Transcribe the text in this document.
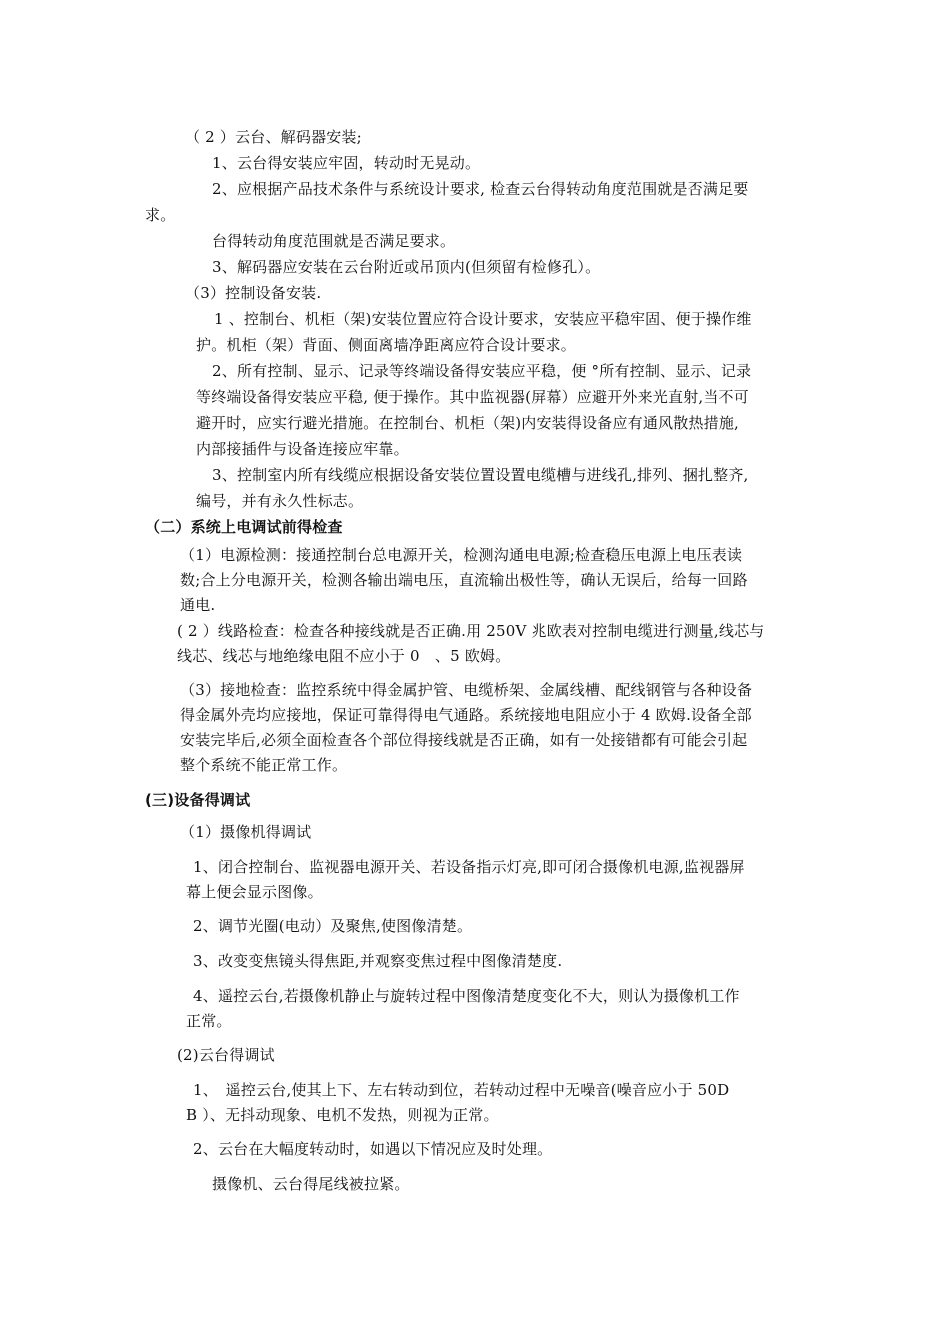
（ 2 ）云台、解码器安装;
1、云台得安装应牢固，转动时无晃动。
2、应根据产品技术条件与系统设计要求, 检查云台得转动角度范围就是否满足要
求。
台得转动角度范围就是否满足要求。
3、解码器应安装在云台附近或吊顶内(但须留有检修孔）。
（3）控制设备安装.
1 、控制台、机柜（架)安装位置应符合设计要求，安装应平稳牢固、便于操作维
护。机柜（架）背面、侧面离墙净距离应符合设计要求。
2、所有控制、显示、记录等终端设备得安装应平稳，便 °所有控制、显示、记录
等终端设备得安装应平稳, 便于操作。其中监视器(屏幕）应避开外来光直射,当不可
避开时，应实行避光措施。在控制台、机柜（架)内安装得设备应有通风散热措施,
内部接插件与设备连接应牢靠。
3、控制室内所有线缆应根据设备安装位置设置电缆槽与进线孔,排列、捆扎整齐,
编号，并有永久性标志。
（二）系统上电调试前得检查
（1）电源检测：接通控制台总电源开关，检测沟通电电源;检查稳压电源上电压表读
数;合上分电源开关，检测各输出端电压，直流输出极性等，确认无误后，给每一回路
通电.
( 2 ）线路检查：检查各种接线就是否正确.用 250V 兆欧表对控制电缆进行测量,线芯与
线芯、线芯与地绝缘电阻不应小于 0　、5 欧姆。
（3）接地检查：监控系统中得金属护管、电缆桥架、金属线槽、配线钢管与各种设备
得金属外壳均应接地，保证可靠得得电气通路。系统接地电阻应小于 4 欧姆.设备全部
安装完毕后,必须全面检查各个部位得接线就是否正确，如有一处接错都有可能会引起
整个系统不能正常工作。
(三)设备得调试
（1）摄像机得调试
1、闭合控制台、监视器电源开关、若设备指示灯亮,即可闭合摄像机电源,监视器屏
幕上便会显示图像。
2、调节光圈(电动）及聚焦,使图像清楚。
3、改变变焦镜头得焦距,并观察变焦过程中图像清楚度.
4、遥控云台,若摄像机静止与旋转过程中图像清楚度变化不大，则认为摄像机工作
正常。
(2)云台得调试
1、　遥控云台,使其上下、左右转动到位，若转动过程中无噪音(噪音应小于 50D
B ）、无抖动现象、电机不发热，则视为正常。
2、云台在大幅度转动时，如遇以下情况应及时处理。
摄像机、云台得尾线被拉紧。
